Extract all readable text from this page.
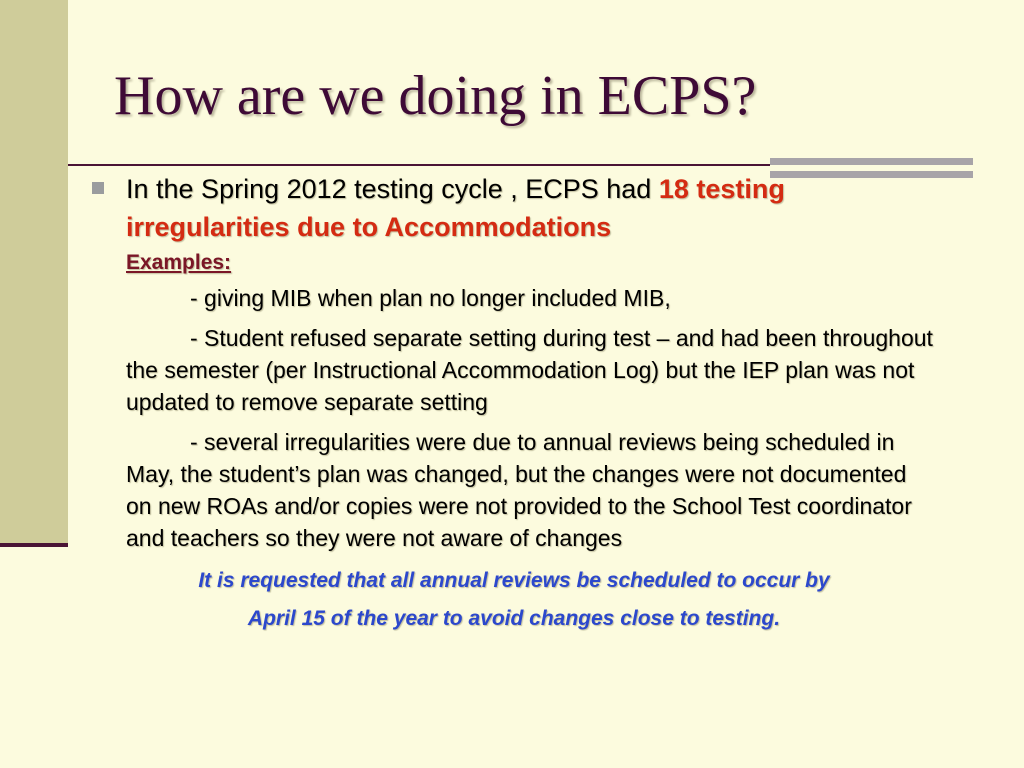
How are we doing in ECPS?

In the Spring 2012 testing cycle , ECPS had 18 testing irregularities due to Accommodations

Examples:

- giving MIB when plan no longer included MIB,

- Student refused separate setting during test – and had been throughout the semester (per Instructional Accommodation Log) but the IEP plan was not updated to remove separate setting

- several irregularities were due to annual reviews being scheduled in May, the student’s plan was changed, but the changes were not documented on new ROAs and/or copies were not provided to the School Test coordinator and teachers so they were not aware of changes

It is requested that all annual reviews be scheduled to occur by
April 15 of the year to avoid changes close to testing.
